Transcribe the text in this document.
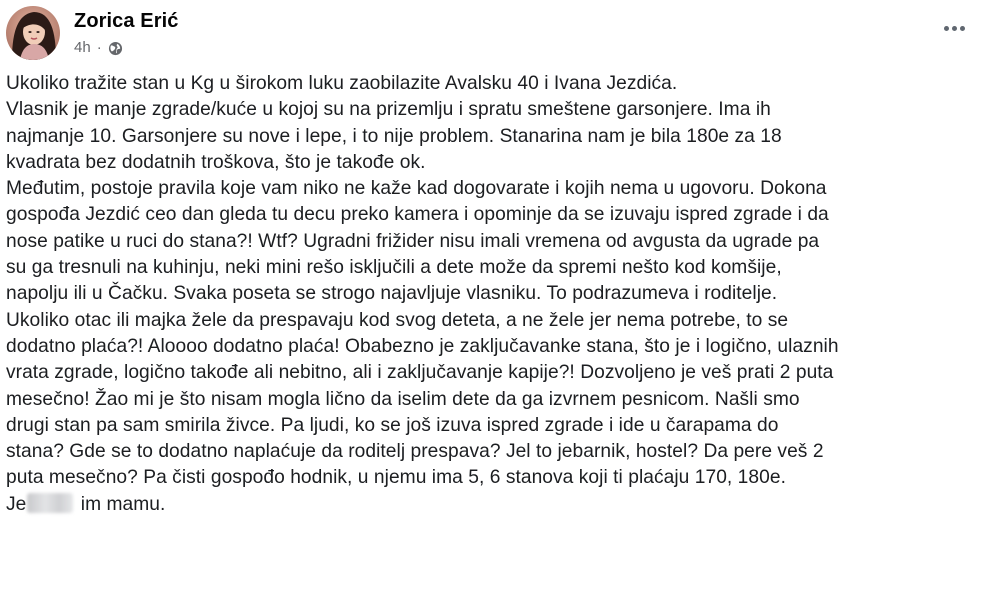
Zorica Erić
4h ·
Ukoliko tražite stan u Kg u širokom luku zaobilazite Avalsku 40 i Ivana Jezdića.
Vlasnik je manje zgrade/kuće u kojoj su na prizemlju i spratu smeštene garsonjere. Ima ih
najmanje 10. Garsonjere su nove i lepe, i to nije problem. Stanarina nam je bila 180e za 18
kvadrata bez dodatnih troškova, što je takođe ok.
Međutim, postoje pravila koje vam niko ne kaže kad dogovarate i kojih nema u ugovoru. Dokona
gospođa Jezdić ceo dan gleda tu decu preko kamera i opominje da se izuvaju ispred zgrade i da
nose patike u ruci do stana?! Wtf? Ugradni frižider nisu imali vremena od avgusta da ugrade pa
su ga tresnuli na kuhinju, neki mini rešo isključili a dete može da spremi nešto kod komšije,
napolju ili u Čačku. Svaka poseta se strogo najavljuje vlasniku. To podrazumeva i roditelje.
Ukoliko otac ili majka žele da prespavaju kod svog deteta, a ne žele jer nema potrebe, to se
dodatno plaća?! Aloooo dodatno plaća! Obabezno je zaključavanke stana, što je i logično, ulaznih
vrata zgrade, logično takođe ali nebitno, ali i zaključavanje kapije?! Dozvoljeno je veš prati 2 puta
mesečno! Žao mi je što nisam mogla lično da iselim dete da ga izvrnem pesnicom. Našli smo
drugi stan pa sam smirila živce. Pa ljudi, ko se još izuva ispred zgrade i ide u čarapama do
stana? Gde se to dodatno naplaćuje da roditelj prespava? Jel to jebarnik, hostel? Da pere veš 2
puta mesečno? Pa čisti gospođo hodnik, u njemu ima 5, 6 stanova koji ti plaćaju 170, 180e.
Je	im mamu.
